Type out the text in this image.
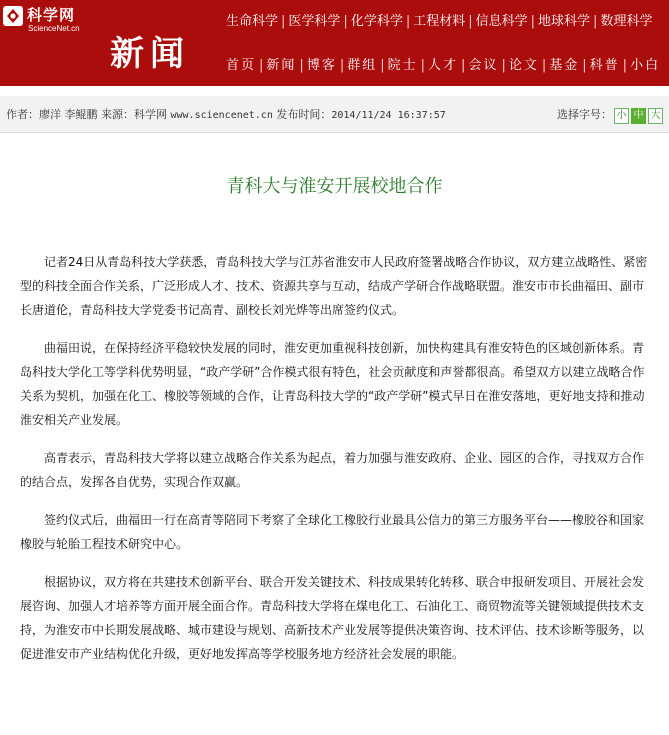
科学网
ScienceNet.cn
新闻
生命科学 | 医学科学 | 化学科学 | 工程材料 | 信息科学 | 地球科学 | 数理科学
首页 | 新闻 | 博客 | 群组 | 院士 | 人才 | 会议 | 论文 | 基金 | 科普 | 小白
作者：廖洋 李鲲鹏 来源：科学网 www.sciencenet.cn 发布时间：2014/11/24 16:37:57	选择字号： 小 中 大
青科大与淮安开展校地合作

记者24日从青岛科技大学获悉，青岛科技大学与江苏省淮安市人民政府签署战略合作协议，双方建立战略性、紧密型的科技全面合作关系，广泛形成人才、技术、资源共享与互动，结成产学研合作战略联盟。淮安市市长曲福田、副市长唐道伦，青岛科技大学党委书记高青、副校长刘光烨等出席签约仪式。

曲福田说，在保持经济平稳较快发展的同时，淮安更加重视科技创新，加快构建具有淮安特色的区域创新体系。青岛科技大学化工等学科优势明显，“政产学研”合作模式很有特色，社会贡献度和声誉都很高。希望双方以建立战略合作关系为契机，加强在化工、橡胶等领域的合作，让青岛科技大学的“政产学研”模式早日在淮安落地，更好地支持和推动淮安相关产业发展。

高青表示，青岛科技大学将以建立战略合作关系为起点，着力加强与淮安政府、企业、园区的合作，寻找双方合作的结合点，发挥各自优势，实现合作双赢。

签约仪式后，曲福田一行在高青等陪同下考察了全球化工橡胶行业最具公信力的第三方服务平台——橡胶谷和国家橡胶与轮胎工程技术研究中心。

根据协议，双方将在共建技术创新平台、联合开发关键技术、科技成果转化转移、联合申报研发项目、开展社会发展咨询、加强人才培养等方面开展全面合作。青岛科技大学将在煤电化工、石油化工、商贸物流等关键领域提供技术支持，为淮安市中长期发展战略、城市建设与规划、高新技术产业发展等提供决策咨询、技术评估、技术诊断等服务，以促进淮安市产业结构优化升级，更好地发挥高等学校服务地方经济社会发展的职能。
